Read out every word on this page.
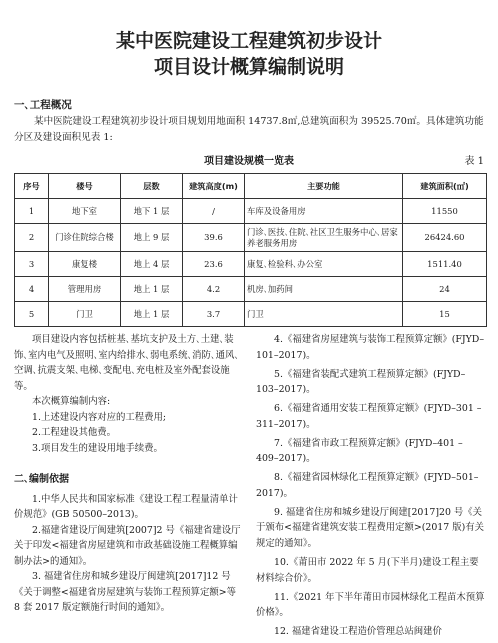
某中医院建设工程建筑初步设计
项目设计概算编制说明
一､工程概况
某中医院建设工程建筑初步设计项目规划用地面积 14737.8㎡,总建筑面积为 39525.70㎡。具体建筑功能分区及建设面积见表 1:
项目建设规模一览表	表 1
序号	楼号	层数	建筑高度(m)	主要功能	建筑面积(㎡)
1	地下室	地下 1 层	/	车库及设备用房	11550
2	门诊住院综合楼	地上 9 层	39.6	门诊､医技､住院､社区卫生服务中心､居家养老服务用房	26424.60
3	康复楼	地上 4 层	23.6	康复､检验科､办公室	1511.40
4	管理用房	地上 1 层	4.2	机房､加药间	24
5	门卫	地上 1 层	3.7	门卫	15

项目建设内容包括桩基､基坑支护及土方､土建､装饰､室内电气及照明､室内给排水､弱电系统､消防､通风､空调､抗震支架､电梯､变配电､充电桩及室外配套设施等。

本次概算编制内容:

1.上述建设内容对应的工程费用;

2.工程建设其他费。

3.项目发生的建设用地手续费。

二､编制依据

1.中华人民共和国家标准《建设工程工程量清单计价规范》(GB 50500–2013)。

2.福建省建设厅闽建筑[2007]2 号《福建省建设厅关于印发<福建省房屋建筑和市政基础设施工程概算编制办法>的通知》。

3. 福建省住房和城乡建设厅闽建筑[2017]12 号《关于调整<福建省房屋建筑与装饰工程预算定额>等 8 套 2017 版定额施行时间的通知》。

4.《福建省房屋建筑与装饰工程预算定额》(FJYD–101–2017)。

5.《福建省装配式建筑工程预算定额》(FJYD–103–2017)。

6.《福建省通用安装工程预算定额》(FJYD–301 – 311–2017)。

7.《福建省市政工程预算定额》(FJYD–401 – 409–2017)。

8.《福建省园林绿化工程预算定额》(FJYD–501–2017)。

9. 福建省住房和城乡建设厅闽建[2017]20 号《关于颁布<福建省建筑安装工程费用定额>(2017 版)有关规定的通知》。

10.《莆田市 2022 年 5 月(下半月)建设工程主要材料综合价》。

11.《2021 年下半年莆田市园林绿化工程苗木预算价格》。

12. 福建省建设工程造价管理总站闽建价
